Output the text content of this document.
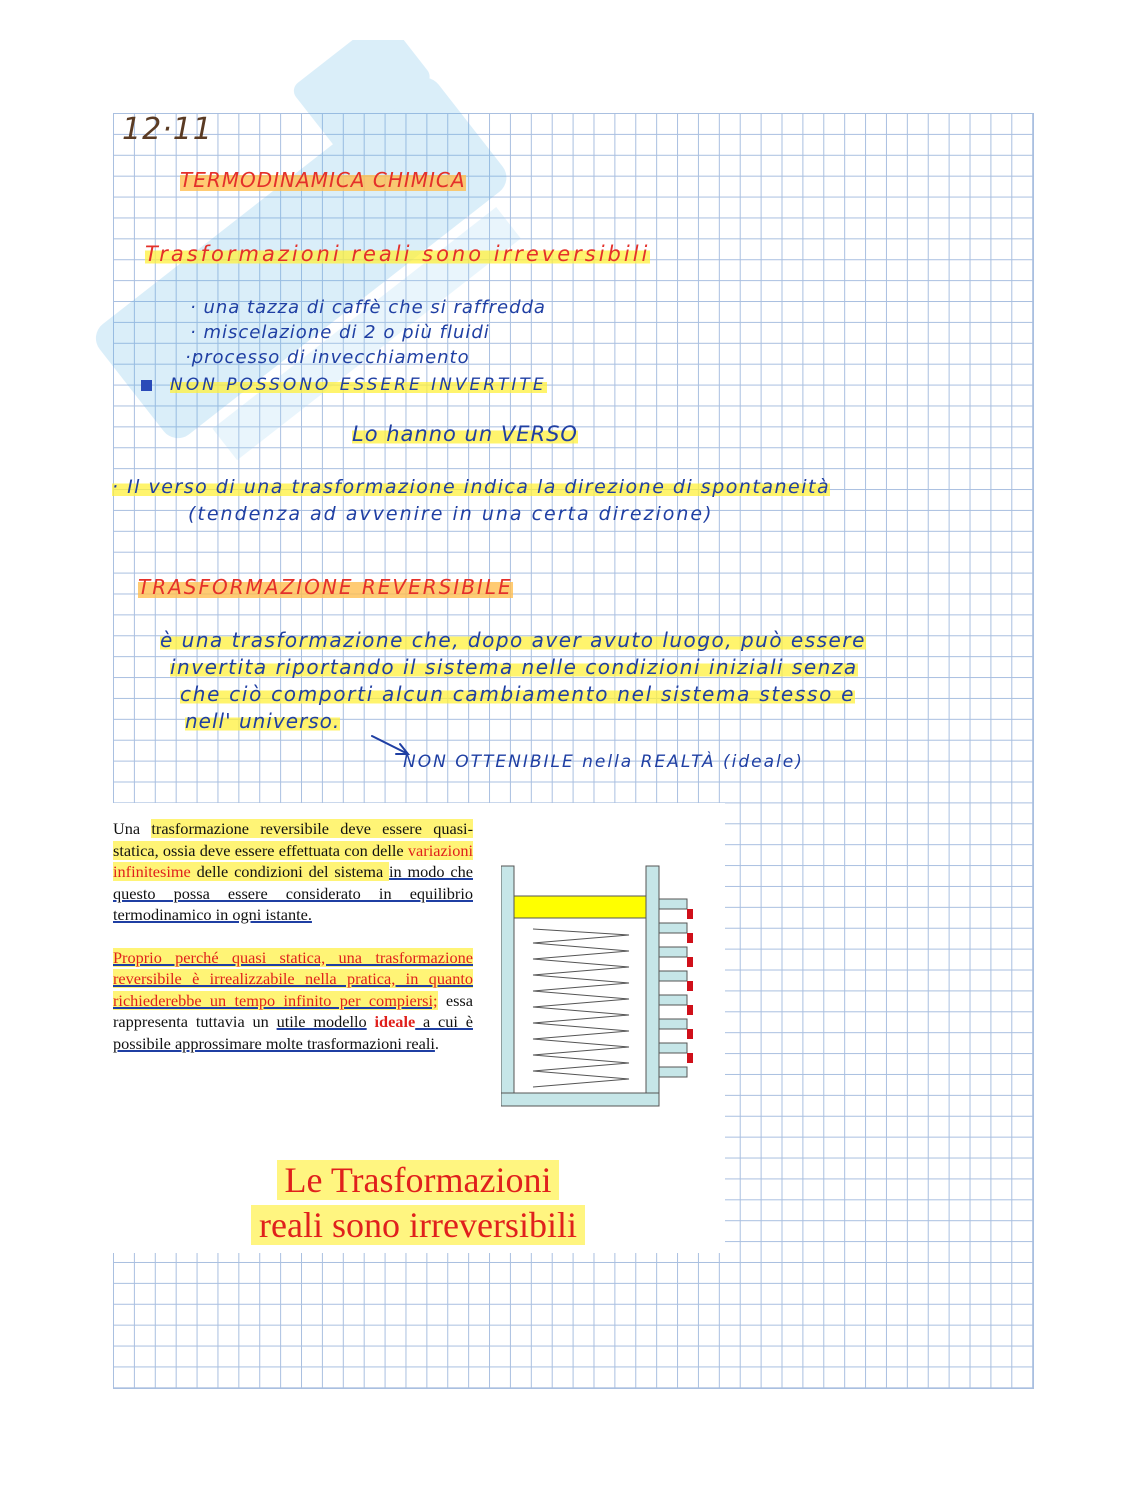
12·11
TERMODINAMICA CHIMICA
Trasformazioni reali sono irreversibili
· una tazza di caffè che si raffredda
· miscelazione di 2 o più fluidi
·processo di invecchiamento
NON POSSONO ESSERE INVERTITE
Lo hanno un VERSO
· Il verso di una trasformazione indica la direzione di spontaneità
(tendenza ad avvenire in una certa direzione)
TRASFORMAZIONE REVERSIBILE
è una trasformazione che, dopo aver avuto luogo, può essere
invertita riportando il sistema nelle condizioni iniziali senza
che ciò comporti alcun cambiamento nel sistema stesso e
nell' universo.
NON OTTENIBILE nella REALTÀ (ideale)

Una trasformazione reversibile deve essere quasi-statica, ossia deve essere effettuata con delle variazioni infinitesime delle condizioni del sistema in modo che questo possa essere considerato in equilibrio termodinamico in ogni istante.

Proprio perché quasi statica, una trasformazione reversibile è irrealizzabile nella pratica, in quanto richiederebbe un tempo infinito per compiersi; essa rappresenta tuttavia un utile modello ideale a cui è possibile approssimare molte trasformazioni reali.

Le Trasformazioni
reali sono irreversibili
